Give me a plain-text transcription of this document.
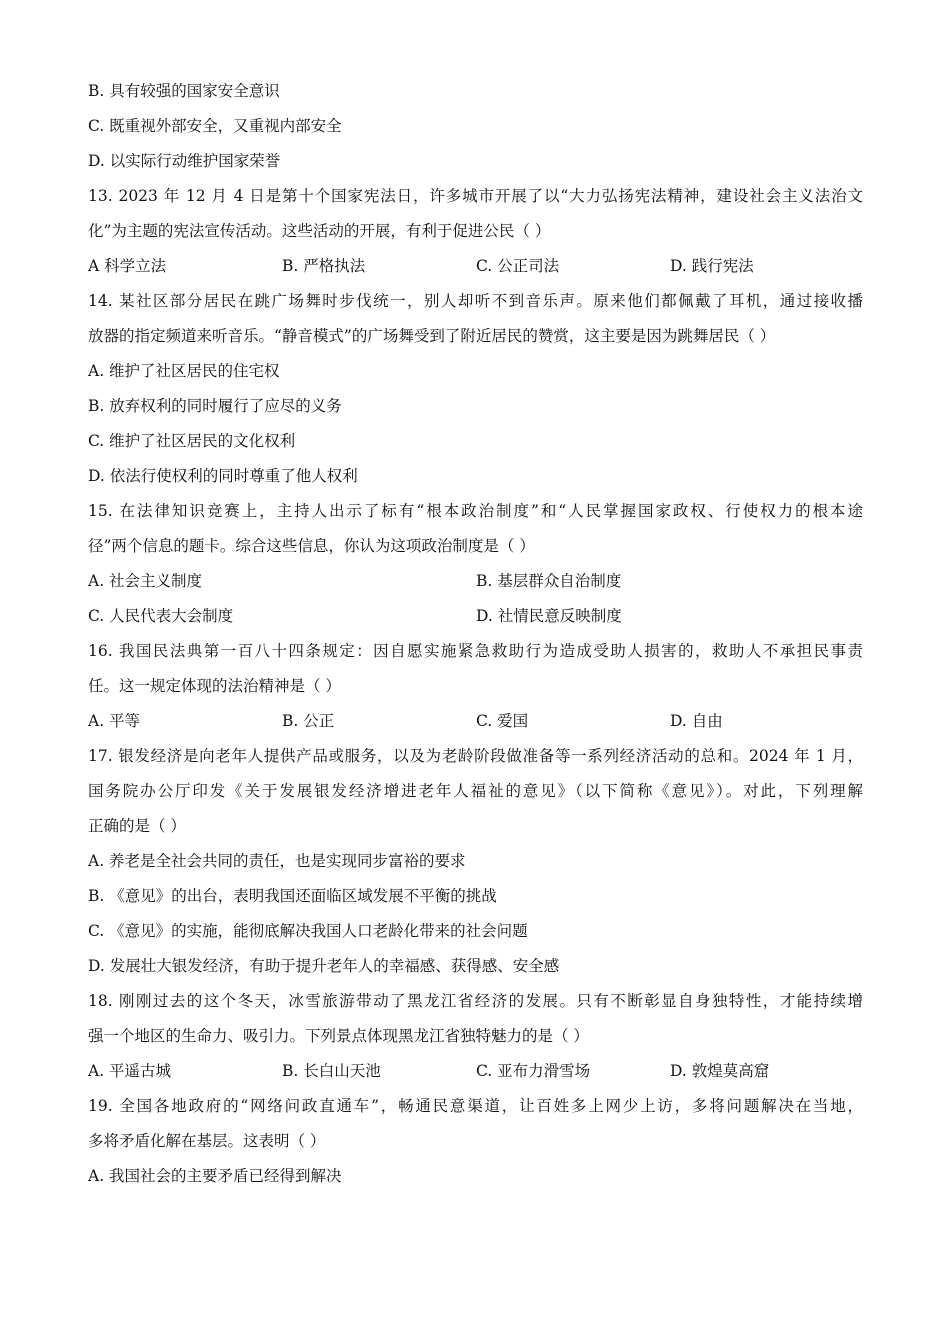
B. 具有较强的国家安全意识
C. 既重视外部安全，又重视内部安全
D. 以实际行动维护国家荣誉
13. 2023 年 12 月 4 日是第十个国家宪法日，许多城市开展了以“大力弘扬宪法精神，建设社会主义法治文
化”为主题的宪法宣传活动。这些活动的开展，有利于促进公民（ ）
A 科学立法	B. 严格执法	C. 公正司法	D. 践行宪法
14. 某社区部分居民在跳广场舞时步伐统一，别人却听不到音乐声。原来他们都佩戴了耳机，通过接收播
放器的指定频道来听音乐。“静音模式”的广场舞受到了附近居民的赞赏，这主要是因为跳舞居民（ ）
A. 维护了社区居民的住宅权
B. 放弃权利的同时履行了应尽的义务
C. 维护了社区居民的文化权利
D. 依法行使权利的同时尊重了他人权利
15. 在法律知识竞赛上，主持人出示了标有“根本政治制度”和“人民掌握国家政权、行使权力的根本途
径”两个信息的题卡。综合这些信息，你认为这项政治制度是（ ）
A. 社会主义制度	B. 基层群众自治制度
C. 人民代表大会制度	D. 社情民意反映制度
16. 我国民法典第一百八十四条规定：因自愿实施紧急救助行为造成受助人损害的，救助人不承担民事责
任。这一规定体现的法治精神是（ ）
A. 平等	B. 公正	C. 爱国	D. 自由
17. 银发经济是向老年人提供产品或服务，以及为老龄阶段做准备等一系列经济活动的总和。2024 年 1 月，
国务院办公厅印发《关于发展银发经济增进老年人福祉的意见》（以下简称《意见》）。对此，下列理解
正确的是（ ）
A. 养老是全社会共同的责任，也是实现同步富裕的要求
B. 《意见》的出台，表明我国还面临区域发展不平衡的挑战
C. 《意见》的实施，能彻底解决我国人口老龄化带来的社会问题
D. 发展壮大银发经济，有助于提升老年人的幸福感、获得感、安全感
18. 刚刚过去的这个冬天，冰雪旅游带动了黑龙江省经济的发展。只有不断彰显自身独特性，才能持续增
强一个地区的生命力、吸引力。下列景点体现黑龙江省独特魅力的是（ ）
A. 平遥古城	B. 长白山天池	C. 亚布力滑雪场	D. 敦煌莫高窟
19. 全国各地政府的“网络问政直通车”，畅通民意渠道，让百姓多上网少上访，多将问题解决在当地，
多将矛盾化解在基层。这表明（ ）
A. 我国社会的主要矛盾已经得到解决
